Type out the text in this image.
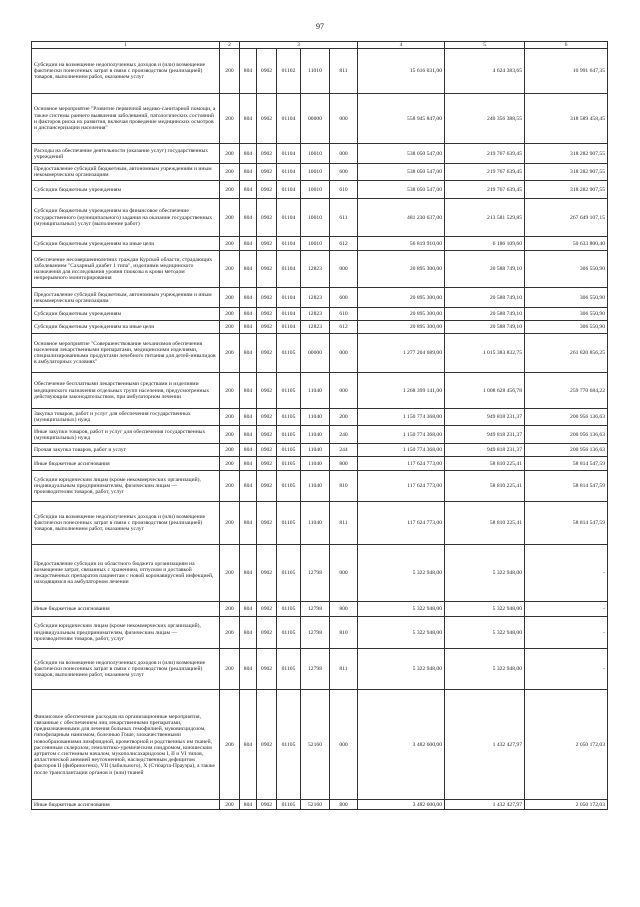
97
1	2	3					4	5	6
Субсидии на возмещение недополученных доходов и (или) возмещение фактически понесенных затрат в связи с производством (реализацией) товаров, выполнением работ, оказанием услуг	200	804	0902	01102	11010	811	15 616 031,00	4 624 383,65	10 991 647,35
Основное мероприятие "Развитие первичной медико-санитарной помощи, а также системы раннего выявления заболеваний, патологических состояний и факторов риска их развития, включая проведение медицинских осмотров и диспансеризации населения"	200	804	0902	01104	00000	000	558 945 847,00	240 356 388,55	318 589 458,45
Расходы на обеспечение деятельности (оказание услуг) государственных учреждений	200	804	0902	01104	10010	000	538 050 547,00	219 767 639,45	318 282 907,55
Предоставление субсидий бюджетным, автономным учреждениям и иным некоммерческим организациям	200	804	0902	01104	10010	600	538 050 547,00	219 767 639,45	318 282 907,55
Субсидии бюджетным учреждениям	200	804	0902	01104	10010	610	538 050 547,00	219 767 639,45	318 282 907,55
Субсидии бюджетным учреждениям на финансовое обеспечение государственного (муниципального) задания на оказание государственных (муниципальных) услуг (выполнение работ)	200	804	0902	01104	10010	611	481 230 637,00	213 581 529,85	267 649 107,15
Субсидии бюджетным учреждениям на иные цели	200	804	0902	01104	10010	612	56 819 910,00	6 186 109,60	50 633 800,40
Обеспечение несовершеннолетних граждан Курской области, страдающих заболеванием "Сахарный диабет 1 типа", изделиями медицинского назначения для исследования уровня глюкозы в крови методом непрерывного мониторирования	200	804	0902	01104	12823	000	20 895 300,00	20 588 749,10	306 550,90
Предоставление субсидий бюджетным, автономным учреждениям и иным некоммерческим организациям	200	804	0902	01104	12823	600	20 895 300,00	20 588 749,10	306 550,90
Субсидии бюджетным учреждениям	200	804	0902	01104	12823	610	20 895 300,00	20 588 749,10	306 550,90
Субсидии бюджетным учреждениям на иные цели	200	804	0902	01104	12823	612	20 895 300,00	20 588 749,10	306 550,90
Основное мероприятие "Совершенствование механизмов обеспечения населения лекарственными препаратами, медицинскими изделиями, специализированными продуктами лечебного питания для детей-инвалидов в амбулаторных условиях"	200	804	0902	01105	00000	000	1 277 204 689,00	1 015 383 832,75	261 820 856,25
Обеспечение бесплатными лекарственными средствами и изделиями медицинского назначения отдельных групп населения, предусмотренных действующим законодательством, при амбулаторном лечении	200	804	0902	01105	11040	000	1 268 399 141,00	1 008 628 456,78	259 770 684,22
Закупка товаров, работ и услуг для обеспечения государственных (муниципальных) нужд	200	804	0902	01105	11040	200	1 150 774 368,00	949 818 231,37	200 956 136,63
Иные закупки товаров, работ и услуг для обеспечения государственных (муниципальных) нужд	200	804	0902	01105	11040	240	1 150 774 368,00	949 818 231,37	200 956 136,63
Прочая закупка товаров, работ и услуг	200	804	0902	01105	11040	244	1 150 774 368,00	949 818 231,37	200 956 136,63
Иные бюджетные ассигнования	200	804	0902	01105	11040	800	117 624 773,00	58 810 225,41	58 814 547,59
Субсидии юридическим лицам (кроме некоммерческих организаций), индивидуальным предпринимателям, физическим лицам — производителям товаров, работ, услуг	200	804	0902	01105	11040	810	117 624 773,00	58 810 225,41	58 814 547,59
Субсидии на возмещение недополученных доходов и (или) возмещение фактически понесенных затрат в связи с производством (реализацией) товаров, выполнением работ, оказанием услуг	200	804	0902	01105	11040	811	117 624 773,00	58 810 225,41	58 814 547,59
Предоставление субсидии из областного бюджета организациям на возмещение затрат, связанных с хранением, отпуском и доставкой лекарственных препаратов пациентам с новой коронавирусной инфекцией, находящимся на амбулаторном лечении	200	804	0902	01105	12798	000	5 322 948,00	5 322 948,00	-
Иные бюджетные ассигнования	200	804	0902	01105	12798	800	5 322 948,00	5 322 948,00	-
Субсидии юридическим лицам (кроме некоммерческих организаций), индивидуальным предпринимателям, физическим лицам — производителям товаров, работ, услуг	200	804	0902	01105	12798	810	5 322 948,00	5 322 948,00	-
Субсидии на возмещение недополученных доходов и (или) возмещение фактически понесенных затрат в связи с производством (реализацией) товаров, выполнением работ, оказанием услуг	200	804	0902	01105	12798	811	5 322 948,00	5 322 948,00	-
Финансовое обеспечение расходов на организационные мероприятия, связанные с обеспечением лиц лекарственными препаратами, предназначенными для лечения больных гемофилией, муковисцидозом, гипофизарным нанизмом, болезнью Гоше, злокачественными новообразованиями лимфоидной, кроветворной и родственных им тканей, рассеянным склерозом, гемолитико-уремическим синдромом, юношеским артритом с системным началом, мукополисахаридозом I, II и VI типов, апластической анемией неуточненной, наследственным дефицитом факторов II (фибриногена), VII (лабильного), X (Стюарта-Прауэра), а также после трансплантации органов и (или) тканей	200	804	0902	01105	52160	000	3 482 600,00	1 432 427,97	2 050 172,03
Иные бюджетные ассигнования	200	804	0902	01105	52160	800	3 482 600,00	1 432 427,97	2 050 172,03
